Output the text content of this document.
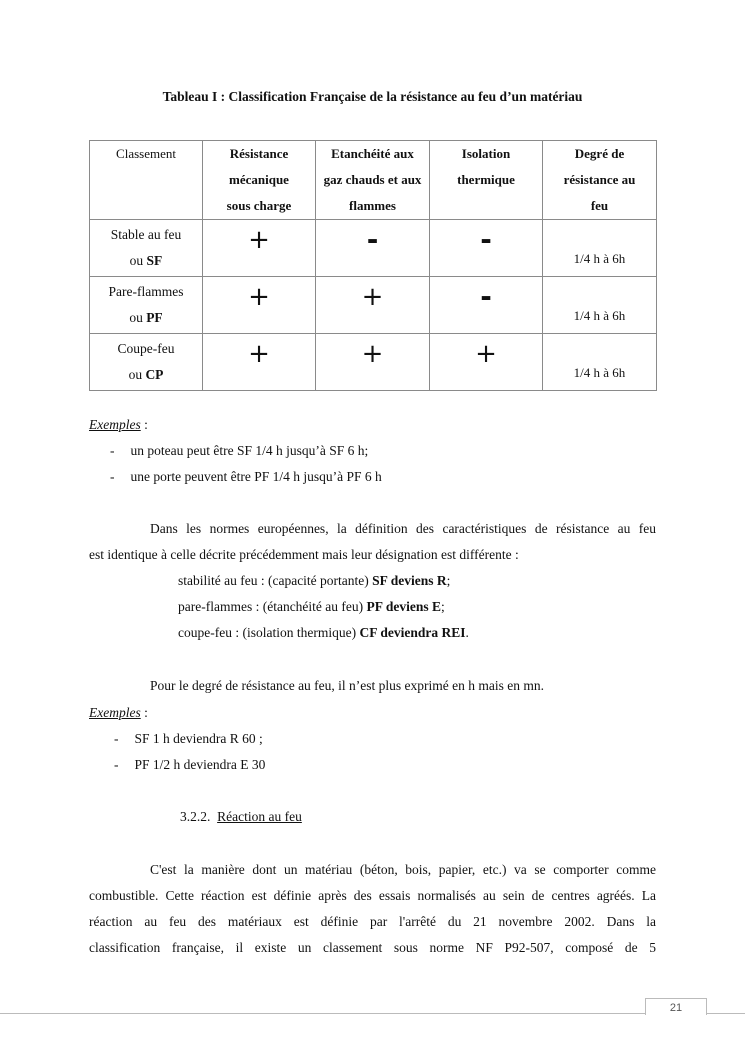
Tableau I : Classification Française de la résistance au feu d’un matériau
Classement	Résistance mécanique sous charge	Etanchéité aux gaz chauds et aux flammes	Isolation thermique	Degré de résistance au feu

Stable au feu
ou SF	+	-	-	1/4 h à 6h

Pare-flammes
ou PF	+	+	-	1/4 h à 6h

Coupe-feu
ou CP	+	+	+	1/4 h à 6h
Exemples :
- un poteau peut être SF 1/4 h jusqu’à SF 6 h;
- une porte peuvent être PF 1/4 h jusqu’à PF 6 h
Dans les normes européennes, la définition des caractéristiques de résistance au feu
est identique à celle décrite précédemment mais leur désignation est différente :
stabilité au feu : (capacité portante) SF deviens R;
pare-flammes : (étanchéité au feu) PF deviens E;
coupe-feu : (isolation thermique) CF deviendra REI.
Pour le degré de résistance au feu, il n’est plus exprimé en h mais en mn.
Exemples :
- SF 1 h deviendra R 60 ;
- PF 1/2 h deviendra E 30
3.2.2. Réaction au feu
C'est la manière dont un matériau (béton, bois, papier, etc.) va se comporter comme
combustible. Cette réaction est définie après des essais normalisés au sein de centres agréés. La
réaction au feu des matériaux est définie par l'arrêté du 21 novembre 2002. Dans la
classification française, il existe un classement sous norme NF P92-507, composé de 5
21
